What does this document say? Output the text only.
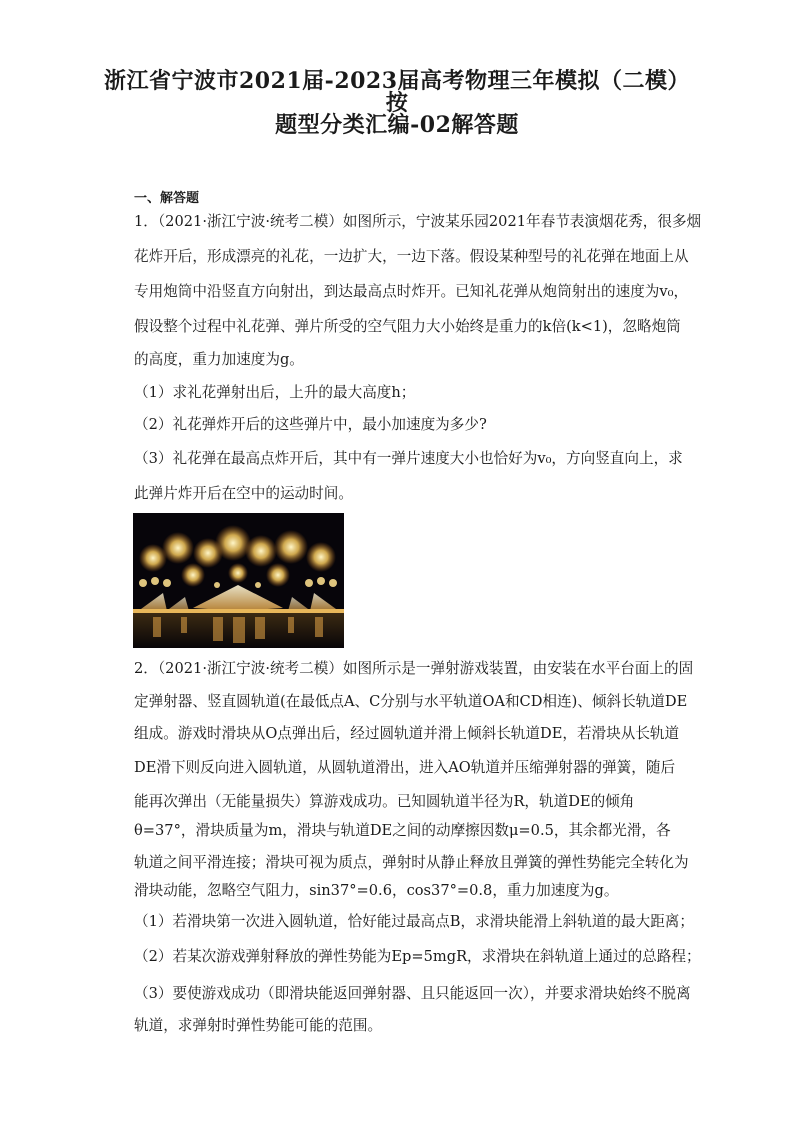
浙江省宁波市2021届-2023届高考物理三年模拟（二模）按
题型分类汇编-02解答题
一、解答题
1．（2021·浙江宁波·统考二模）如图所示，宁波某乐园2021年春节表演烟花秀，很多烟
花炸开后，形成漂亮的礼花，一边扩大，一边下落。假设某种型号的礼花弹在地面上从
专用炮筒中沿竖直方向射出，到达最高点时炸开。已知礼花弹从炮筒射出的速度为v₀，
假设整个过程中礼花弹、弹片所受的空气阻力大小始终是重力的k倍(k<1)，忽略炮筒
的高度，重力加速度为g。
（1）求礼花弹射出后，上升的最大高度h；
（2）礼花弹炸开后的这些弹片中，最小加速度为多少?
（3）礼花弹在最高点炸开后，其中有一弹片速度大小也恰好为v₀，方向竖直向上，求
此弹片炸开后在空中的运动时间。
2．（2021·浙江宁波·统考二模）如图所示是一弹射游戏装置，由安装在水平台面上的固
定弹射器、竖直圆轨道(在最低点A、C分别与水平轨道OA和CD相连)、倾斜长轨道DE
组成。游戏时滑块从O点弹出后，经过圆轨道并滑上倾斜长轨道DE，若滑块从长轨道
DE滑下则反向进入圆轨道，从圆轨道滑出，进入AO轨道并压缩弹射器的弹簧，随后
能再次弹出（无能量损失）算游戏成功。已知圆轨道半径为R，轨道DE的倾角
θ=37°，滑块质量为m，滑块与轨道DE之间的动摩擦因数μ=0.5，其余都光滑，各
轨道之间平滑连接；滑块可视为质点，弹射时从静止释放且弹簧的弹性势能完全转化为
滑块动能，忽略空气阻力，sin37°=0.6，cos37°=0.8，重力加速度为g。
（1）若滑块第一次进入圆轨道，恰好能过最高点B，求滑块能滑上斜轨道的最大距离；
（2）若某次游戏弹射释放的弹性势能为Ep=5mgR，求滑块在斜轨道上通过的总路程；
（3）要使游戏成功（即滑块能返回弹射器、且只能返回一次），并要求滑块始终不脱离
轨道，求弹射时弹性势能可能的范围。
